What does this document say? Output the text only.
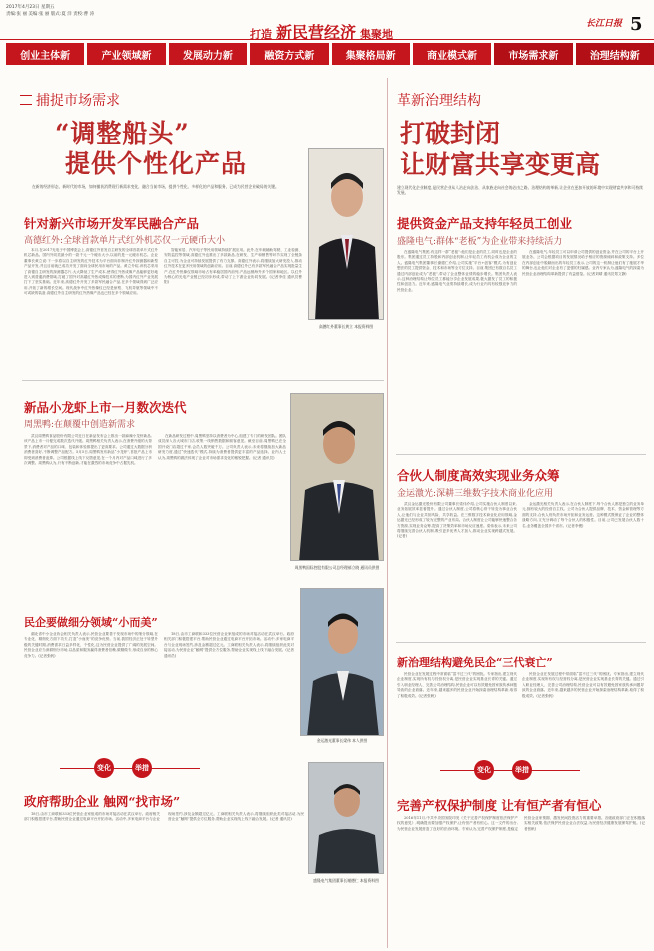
2017年4月23日 星期五
责编:张 丽 美编:张 丽 版式:夏 洋 责校:曹 涛
打造 新民营经济 集聚地
长江日报 5
创业主体新	产业领域新	发展动力新	融资方式新	集聚格局新	商业模式新	市场需求新	治理结构新
捕捉市场需求
“调整船头”
提供个性化产品
在新的经济形态，新时代的市场，如何捕获消费现行新需求变化，融合当前市场，提供个性化、多样化的产品和服务，已成为民营企业破局的关键。
高德红外董事长黄立 本报资料图
针对新兴市场开发军民融合产品
高德红外:全球首款单片式红外机芯仅一元硬币大小

本月,在2017光电子中国博览会上,高德红外首发自主研发的全球首款单片式红外机芯新品。国内外同类最小的一款千元一个硬币大小,以前的是一元硬币机芯。企业董事长黄立说:下一步将以自主研发的红外技术为平台面向非制冷红外探测器和新型产品开发,并且目前就已成功开发了面向全球民用市场的产品。黄立介绍,该机芯采用了高德自主研发的探测器芯片,大大降低了生产成本,使得红外热成像产品能够更好地进入到普通消费领域,打破了国外对高端红外热成像技术的垄断,为国内红外产业发展打下了坚实基础。近年来,高德红外开发了多款军民融合产品,在多个领域得到广泛应用,开拓了新的增长空间。现代战争中红外热像仪已经是侦察、飞机导航等领域中不可或缺的装备,高德红外自主研发的红外热像产品也已经在多个领域应用。

智能家居、汽车电子等民用领域持续扩展应用。此外,在车载辅助驾驶、工业检测、安防监控等领域,高德红外也推出了多款新品,在研发、生产和销售等环节实现了全链条自主可控,为企业可持续发展提供了有力支撑。高德红外表示,将继续加大研发投入,推动红外技术在更多民用领域的创新应用。目前,高德红外已有多款军民融合产品实现批量生产,在红外热像仪领域市场占有率稳居国内前列,产品远销海外多个国家和地区。以红外为核心的光电产业链已经初步形成,带动了上下游企业协同发展。(记者李佳 通讯员曹 阳)

新品小龙虾上市一月数次迭代
周黑鸭:在颠覆中创造新需求
周黑鸭国际控股有限公司总经理郝立晓 通讯员供图

武汉周黑鸭食品股份有限公司近日在新品发布会上推出一款麻辣小龙虾新品,该产品上市一月便完成数次迭代升级。周黑鸭相关负责人表示,在消费升级的大背景下,消费者对产品的口味、包装和体验都提出了更高要求。公司通过大数据分析消费者喜好,不断调整产品配方。5月5日,周黑鸭发布新品“小龙虾”,首批产品上市即受到消费者追捧。公司根据线上线下反馈意见,在一个月内对产品口味进行了多次调整。周黑鸭认为,只有不断创新,才能在激烈的市场竞争中占据先机。

在新品研发过程中,周黑鸭坚持以消费者为中心,组建了专门的研发团队。团队成员深入各大城市门店,收集一线销售数据和顾客意见。截至目前,周黑鸭已在全国开设门店超过千家,会员人数突破千万。公司负责人表示,未来将继续加大新品研发力度,通过“快速迭代”模式,持续为消费者提供更丰富的产品选择。业内人士认为,周黑鸭的做法体现了企业对市场需求变化的敏锐把握。(记者 通讯员)

金运激光董事长梁伟 本人供图
民企要做细分领域“小而美”

湖北省中小企业协会相关负责人表示,民营企业要善于发现市场中的细分领域,在专业化、精细化方面下功夫,打造“小而美”的竞争优势。当前,我国经济正处于转型升级的关键时期,消费需求日益多样化、个性化,这为民营企业提供了广阔的发展空间。民营企业应当深耕细分市场,以品质和服务赢得消费者信赖,做精做专,形成自身的核心竞争力。(记者张帆)

18日,由市工商联和333位民营企业家组成的市场对接活动在武汉举行。政府相关部门积极搭建平台,帮助民营企业通过电商平台开拓市场。活动中,多家电商平台与企业现场签约,涉及金额超过亿元。工商联相关负责人表示,将继续组织此类对接活动,为民营企业“触网”提供全方位服务,帮助企业实现线上线下融合发展。(记者 通讯员)

变化	举措
政府帮助企业 触网“找市场”

18日,由市工商联和333位民营企业家组成的市场对接活动在武汉举行。政府相关部门积极搭建平台,帮助民营企业通过电商平台开拓市场。活动中,多家电商平台与企业现场签约,涉及金额超过亿元。工商联相关负责人表示,将继续组织此类对接活动,为民营企业“触网”提供全方位服务,帮助企业实现线上线下融合发展。(记者 通讯员)

革新治理结构
打破封闭
让财富共享变更高
建立现代化企业制度,是民营企业从人治走向法治、从家族走向社会的必由之路。治理结构的革新,让企业在更加开放的环境中实现财富共享和可持续发展。
提供资金产品支持年轻员工创业
盛隆电气:群体“老板”为企业带来持续活力

在盛隆电气集团,有这样一群“老板”:他们是企业的员工,同时也是企业的股东。集团通过员工持股和内部创业机制,让年轻员工有机会成为企业的主人。盛隆电气集团董事长谢德仁介绍,公司实施“平台+创客”模式,为有创业想法的员工提供资金、技术和市场等全方位支持。目前,集团已有数百名员工通过内部创业成为“老板”,带动了企业整体业绩的稳步增长。集团负责人表示,这种治理结构让每位员工都能分享企业发展成果,极大激发了员工的积极性和创造力。近年来,盛隆电气业绩持续增长,成为行业内具有较强竞争力的民营企业。

在盛隆电气,年轻员工可以申请公司提供的创业资金,并在公司的平台上开展业务。公司会根据项目的发展情况给予相应的资源倾斜和政策支持。多位在内部创业中脱颖而出的年轻员工表示,公司的这一机制让他们有了施展才华的舞台,也让他们对企业有了更强的归属感。业内专家认为,盛隆电气的探索为民营企业治理结构革新提供了有益借鉴。(记者刘晴 通讯员郑文静)

合伙人制度高效实现业务众筹
金运激光:深耕三维数字技术商业化应用

武汉金运激光股份有限公司董事长梁伟介绍,公司实施合伙人制度以来,业务拓展效率显著提升。通过合伙人制度,公司将核心骨干转变为事业合伙人,让他们与企业共担风险、共享收益。在三维数字技术商业化应用领域,金运激光已经形成了较为完整的产业布局。合伙人制度让公司能够快速整合各方资源,实现业务众筹,提高了决策效率和市场反应速度。梁伟表示,未来公司将继续完善合伙人机制,吸引更多优秀人才加入,推动企业实现跨越式发展。(记者)

金运激光相关负责人表示,在合伙人制度下,每个合伙人都是独立的业务单元,拥有较大的经营自主权。公司为合伙人提供品牌、技术、资金和管理等方面的支持,合伙人则负责市场开拓和业务运营。这种模式既保证了企业的整体战略方向,又充分调动了每个合伙人的积极性。目前,公司已发展合伙人数十名,业务覆盖全国多个省市。(记者李俊)

新治理结构避免民企“三代衰亡”

民营企业在发展过程中常面临“富不过三代”的困扰。专家指出,建立现代企业制度,实现所有权与经营权分离,是民营企业实现基业长青的关键。通过引入职业经理人、完善公司治理结构,民营企业可以有效避免因家族传承问题导致的企业衰落。近年来,越来越多的民营企业开始探索治理结构革新,取得了积极成效。(记者张帆)

民营企业在发展过程中常面临“富不过三代”的困扰。专家指出,建立现代企业制度,实现所有权与经营权分离,是民营企业实现基业长青的关键。通过引入职业经理人、完善公司治理结构,民营企业可以有效避免因家族传承问题导致的企业衰落。近年来,越来越多的民营企业开始探索治理结构革新,取得了积极成效。(记者张帆)

变化	举措
完善产权保护制度 让有恒产者有恒心

2016年11月,中共中央国务院印发《关于完善产权保护制度依法保护产权的意见》,明确提出要加强产权保护,让有恒产者有恒心。这一文件的出台,为民营企业发展营造了良好的法治环境。专家认为,完善产权保护制度,是稳定民营企业家预期、激发民间投资活力的重要举措。各级政府部门正在积极落实相关政策,依法保护民营企业合法权益,为民营经济健康发展保驾护航。(记者张帆)

盛隆电气集团董事长谢德仁 本报资料图
